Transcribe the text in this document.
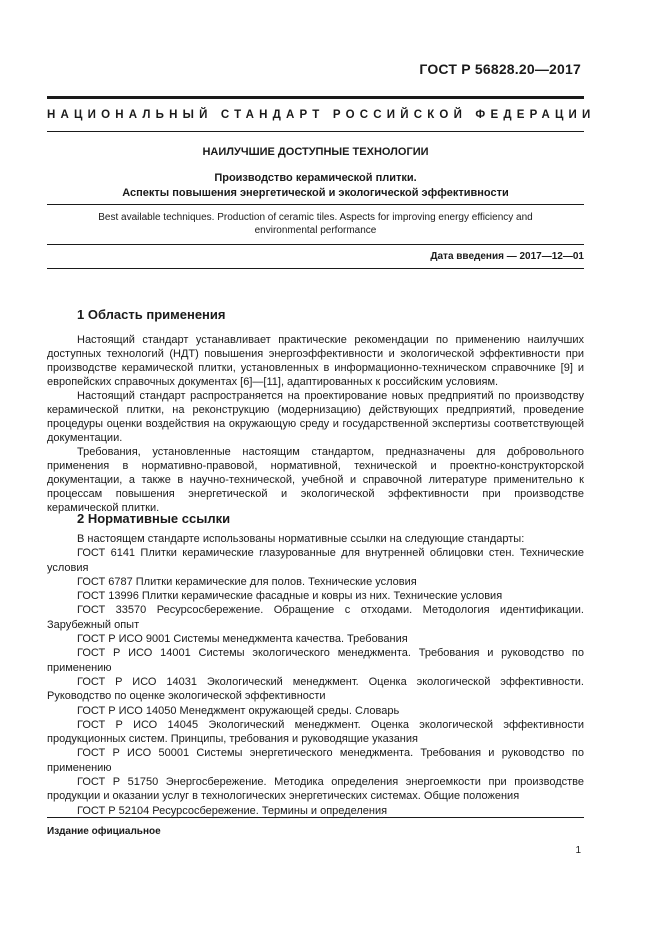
ГОСТ Р 56828.20—2017
НАЦИОНАЛЬНЫЙ СТАНДАРТ РОССИЙСКОЙ ФЕДЕРАЦИИ
НАИЛУЧШИЕ ДОСТУПНЫЕ ТЕХНОЛОГИИ
Производство керамической плитки.
Аспекты повышения энергетической и экологической эффективности
Best available techniques. Production of ceramic tiles. Aspects for improving energy efficiency and environmental performance
Дата введения — 2017—12—01
1 Область применения

Настоящий стандарт устанавливает практические рекомендации по применению наилучших доступных технологий (НДТ) повышения энергоэффективности и экологической эффективности при производстве керамической плитки, установленных в информационно-техническом справочнике [9] и европейских справочных документах [6]—[11], адаптированных к российским условиям.

Настоящий стандарт распространяется на проектирование новых предприятий по производству керамической плитки, на реконструкцию (модернизацию) действующих предприятий, проведение процедуры оценки воздействия на окружающую среду и государственной экспертизы соответствующей документации.

Требования, установленные настоящим стандартом, предназначены для добровольного применения в нормативно-правовой, нормативной, технической и проектно-конструкторской документации, а также в научно-технической, учебной и справочной литературе применительно к процессам повышения энергетической и экологической эффективности при производстве керамической плитки.

2 Нормативные ссылки

В настоящем стандарте использованы нормативные ссылки на следующие стандарты:

ГОСТ 6141 Плитки керамические глазурованные для внутренней облицовки стен. Технические условия

ГОСТ 6787 Плитки керамические для полов. Технические условия

ГОСТ 13996 Плитки керамические фасадные и ковры из них. Технические условия

ГОСТ 33570 Ресурсосбережение. Обращение с отходами. Методология идентификации. Зарубежный опыт

ГОСТ Р ИСО 9001 Системы менеджмента качества. Требования

ГОСТ Р ИСО 14001 Системы экологического менеджмента. Требования и руководство по применению

ГОСТ Р ИСО 14031 Экологический менеджмент. Оценка экологической эффективности. Руководство по оценке экологической эффективности

ГОСТ Р ИСО 14050 Менеджмент окружающей среды. Словарь

ГОСТ Р ИСО 14045 Экологический менеджмент. Оценка экологической эффективности продукционных систем. Принципы, требования и руководящие указания

ГОСТ Р ИСО 50001 Системы энергетического менеджмента. Требования и руководство по применению

ГОСТ Р 51750 Энергосбережение. Методика определения энергоемкости при производстве продукции и оказании услуг в технологических энергетических системах. Общие положения

ГОСТ Р 52104 Ресурсосбережение. Термины и определения

Издание официальное
1
